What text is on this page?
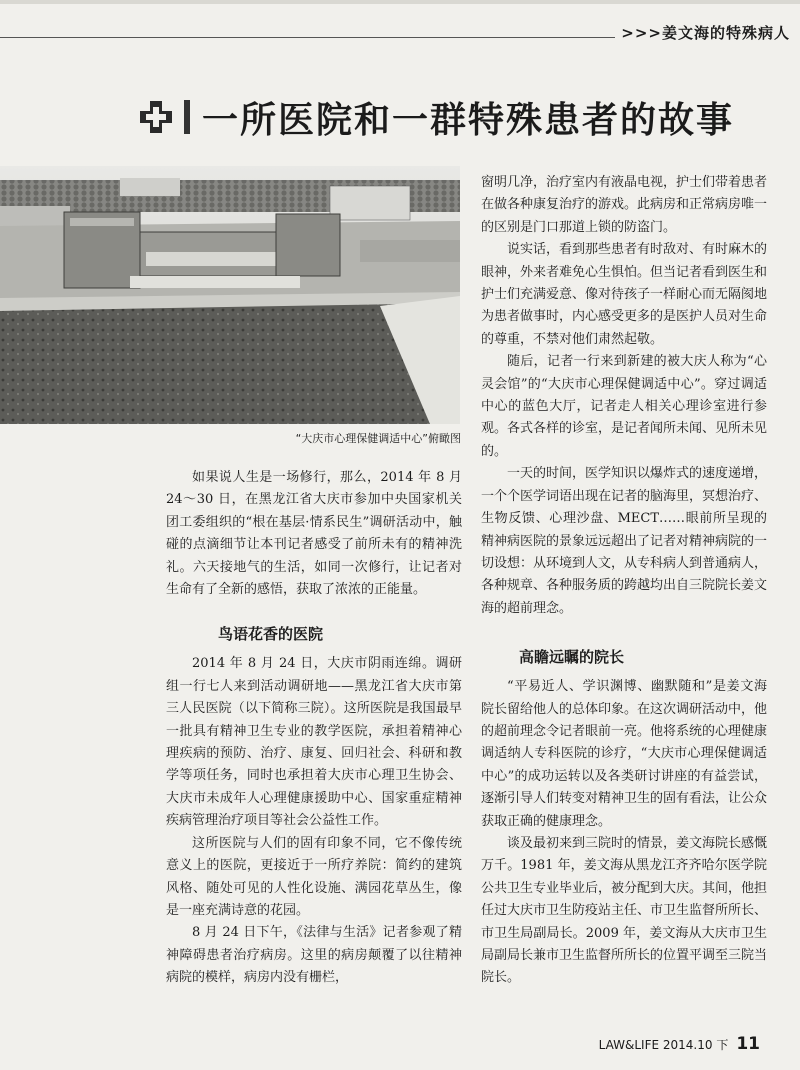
>>>姜文海的特殊病人
一所医院和一群特殊患者的故事
“大庆市心理保健调适中心”俯瞰图

如果说人生是一场修行，那么，2014 年 8 月 24～30 日，在黑龙江省大庆市参加中央国家机关团工委组织的“根在基层·情系民生”调研活动中，触碰的点滴细节让本刊记者感受了前所未有的精神洗礼。六天接地气的生活，如同一次修行，让记者对生命有了全新的感悟，获取了浓浓的正能量。

鸟语花香的医院

2014 年 8 月 24 日，大庆市阴雨连绵。调研组一行七人来到活动调研地——黑龙江省大庆市第三人民医院（以下简称三院）。这所医院是我国最早一批具有精神卫生专业的教学医院，承担着精神心理疾病的预防、治疗、康复、回归社会、科研和教学等项任务，同时也承担着大庆市心理卫生协会、大庆市未成年人心理健康援助中心、国家重症精神疾病管理治疗项目等社会公益性工作。

这所医院与人们的固有印象不同，它不像传统意义上的医院，更接近于一所疗养院：简约的建筑风格、随处可见的人性化设施、满园花草丛生，像是一座充满诗意的花园。

8 月 24 日下午，《法律与生活》记者参观了精神障碍患者治疗病房。这里的病房颠覆了以往精神病院的模样，病房内没有栅栏，

窗明几净，治疗室内有液晶电视，护士们带着患者在做各种康复治疗的游戏。此病房和正常病房唯一的区别是门口那道上锁的防盗门。

说实话，看到那些患者有时敌对、有时麻木的眼神，外来者难免心生惧怕。但当记者看到医生和护士们充满爱意、像对待孩子一样耐心而无隔阂地为患者做事时，内心感受更多的是医护人员对生命的尊重，不禁对他们肃然起敬。

随后，记者一行来到新建的被大庆人称为“心灵会馆”的“大庆市心理保健调适中心”。穿过调适中心的蓝色大厅，记者走人相关心理诊室进行参观。各式各样的诊室，是记者闻所未闻、见所未见的。

一天的时间，医学知识以爆炸式的速度递增，一个个医学词语出现在记者的脑海里，冥想治疗、生物反馈、心理沙盘、MECT……眼前所呈现的精神病医院的景象远远超出了记者对精神病院的一切设想：从环境到人文，从专科病人到普通病人，各种规章、各种服务质的跨越均出自三院院长姜文海的超前理念。

高瞻远瞩的院长

“平易近人、学识渊博、幽默随和”是姜文海院长留给他人的总体印象。在这次调研活动中，他的超前理念令记者眼前一亮。他将系统的心理健康调适纳人专科医院的诊疗，“大庆市心理保健调适中心”的成功运转以及各类研讨讲座的有益尝试，逐渐引导人们转变对精神卫生的固有看法，让公众获取正确的健康理念。

谈及最初来到三院时的情景，姜文海院长感慨万千。1981 年，姜文海从黑龙江齐齐哈尔医学院公共卫生专业毕业后，被分配到大庆。其间，他担任过大庆市卫生防疫站主任、市卫生监督所所长、市卫生局副局长。2009 年，姜文海从大庆市卫生局副局长兼市卫生监督所所长的位置平调至三院当院长。

LAW&LIFE 2014.10 下 11
